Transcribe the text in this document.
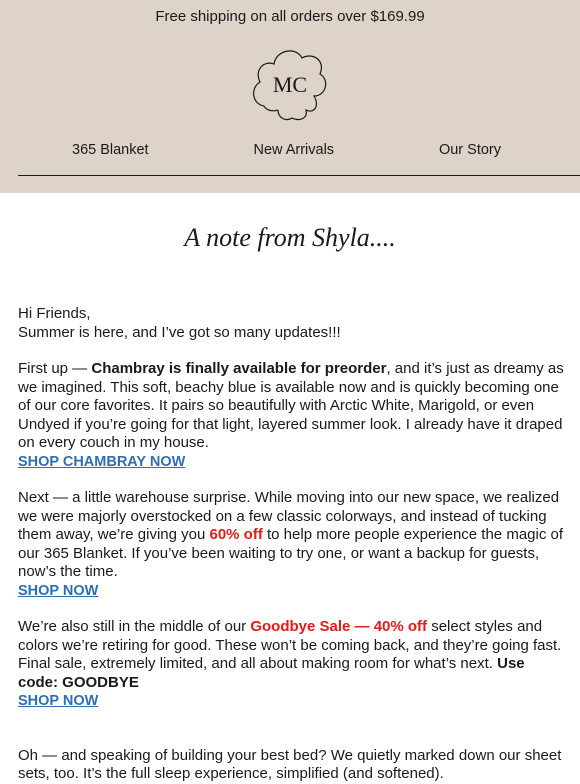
Free shipping on all orders over $169.99
MC
365 Blanket	New Arrivals	Our Story
A note from Shyla....

Hi Friends,

Summer is here, and I’ve got so many updates!!!

First up — Chambray is finally available for preorder, and it’s just as dreamy as we imagined. This soft, beachy blue is available now and is quickly becoming one of our core favorites. It pairs so beautifully with Arctic White, Marigold, or even Undyed if you’re going for that light, layered summer look. I already have it draped on every couch in my house.

SHOP CHAMBRAY NOW

Next — a little warehouse surprise. While moving into our new space, we realized we were majorly overstocked on a few classic colorways, and instead of tucking them away, we’re giving you 60% off to help more people experience the magic of our 365 Blanket. If you’ve been waiting to try one, or want a backup for guests, now’s the time.

SHOP NOW

We’re also still in the middle of our Goodbye Sale — 40% off select styles and colors we’re retiring for good. These won’t be coming back, and they’re going fast. Final sale, extremely limited, and all about making room for what’s next. Use code: GOODBYE

SHOP NOW

Oh — and speaking of building your best bed? We quietly marked down our sheet sets, too. It’s the full sleep experience, simplified (and softened).
